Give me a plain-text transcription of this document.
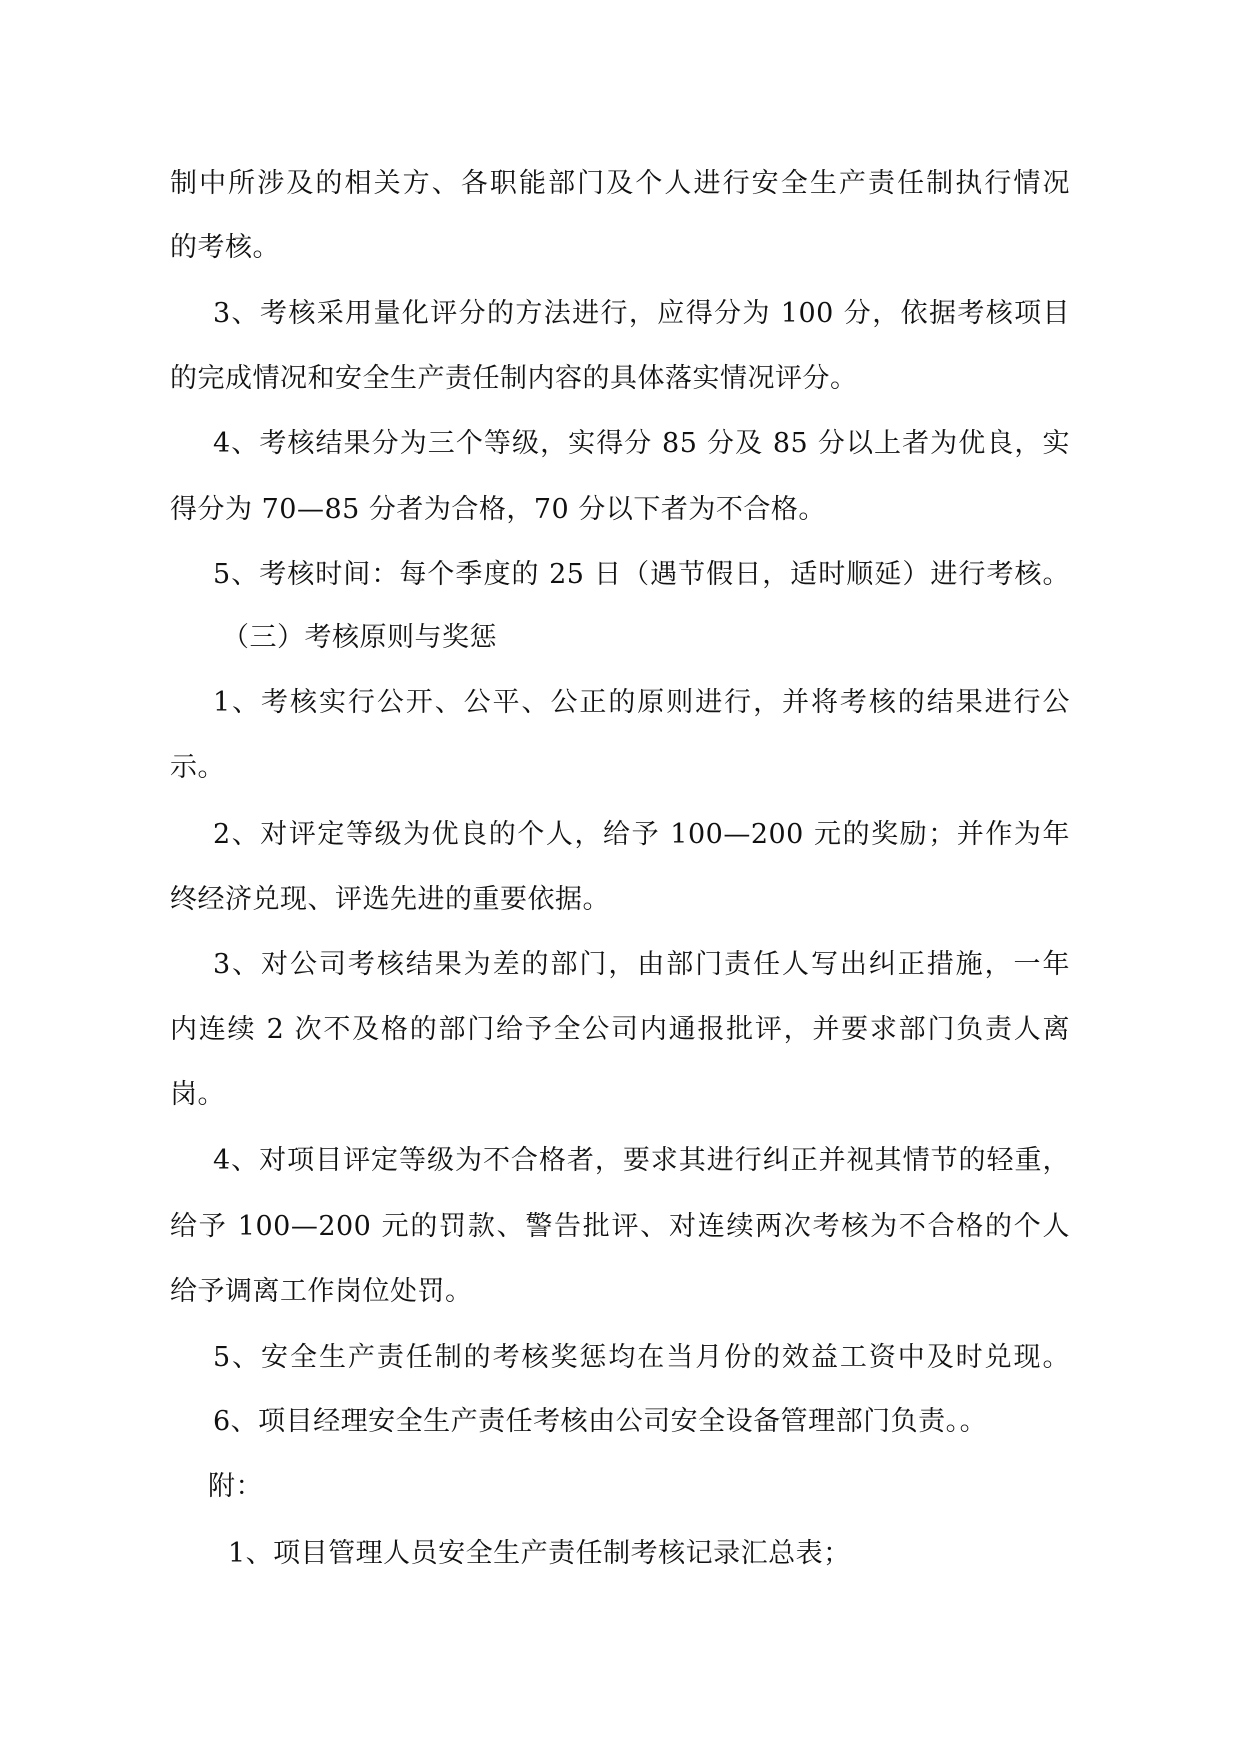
制中所涉及的相关方、各职能部门及个人进行安全生产责任制执行情况
的考核。
3、考核采用量化评分的方法进行，应得分为 100 分，依据考核项目
的完成情况和安全生产责任制内容的具体落实情况评分。
4、考核结果分为三个等级，实得分 85 分及 85 分以上者为优良，实
得分为 70—85 分者为合格，70 分以下者为不合格。
5、考核时间：每个季度的 25 日（遇节假日，适时顺延）进行考核。
（三）考核原则与奖惩
1、考核实行公开、公平、公正的原则进行，并将考核的结果进行公
示。
2、对评定等级为优良的个人，给予 100—200 元的奖励；并作为年
终经济兑现、评选先进的重要依据。
3、对公司考核结果为差的部门，由部门责任人写出纠正措施，一年
内连续 2 次不及格的部门给予全公司内通报批评，并要求部门负责人离
岗。
4、对项目评定等级为不合格者，要求其进行纠正并视其情节的轻重，
给予 100—200 元的罚款、警告批评、对连续两次考核为不合格的个人
给予调离工作岗位处罚。
5、安全生产责任制的考核奖惩均在当月份的效益工资中及时兑现。
6、项目经理安全生产责任考核由公司安全设备管理部门负责。。
附：
1、项目管理人员安全生产责任制考核记录汇总表；
